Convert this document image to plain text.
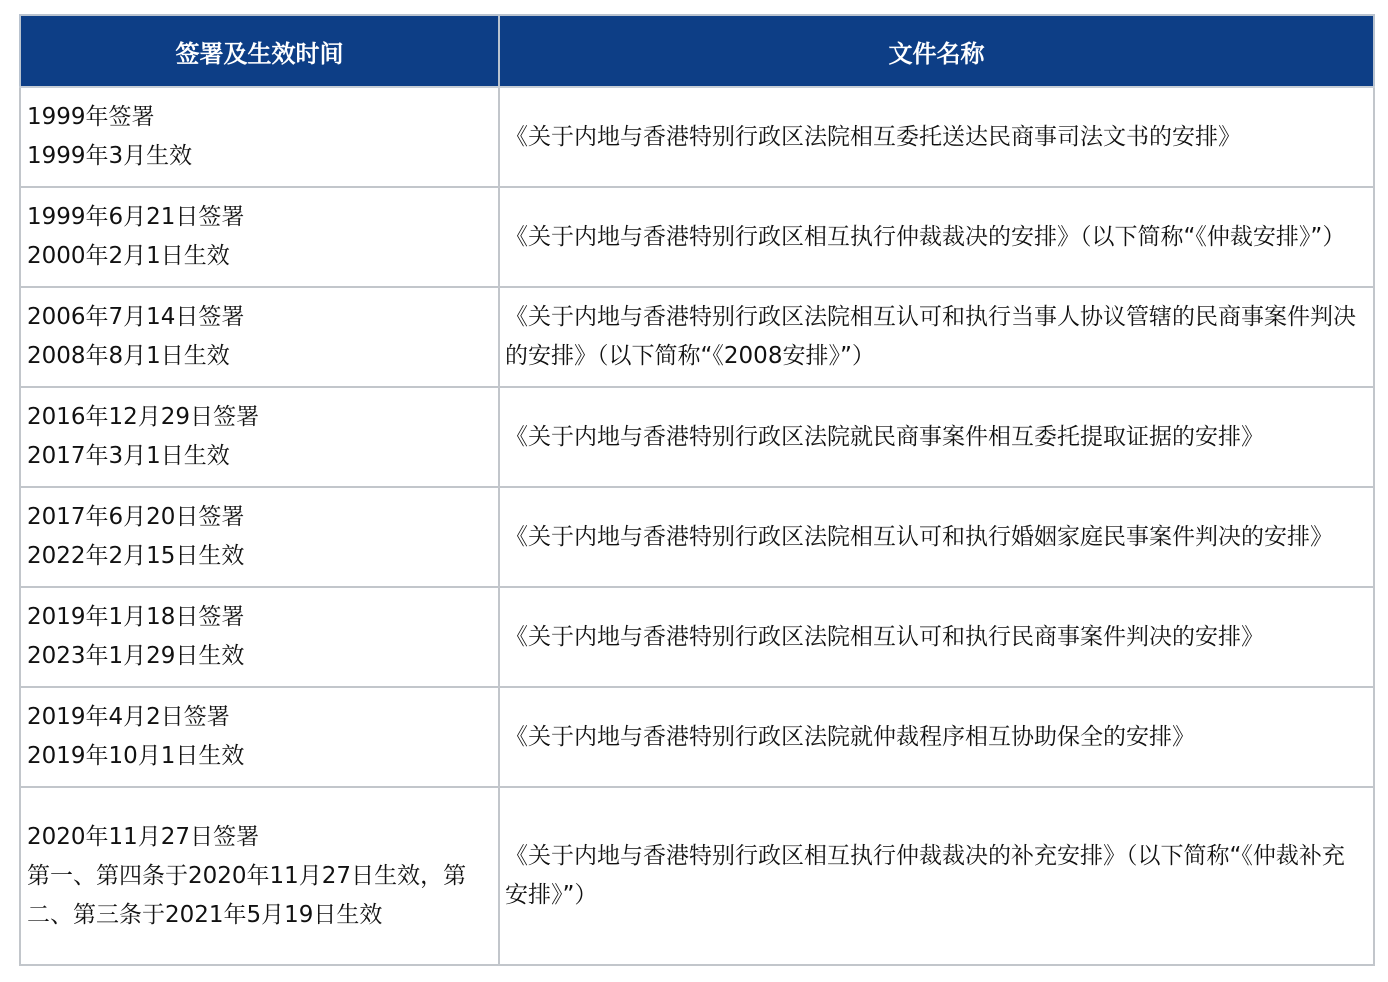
签署及生效时间	文件名称

1999年签署
1999年3月生效	《关于内地与香港特别行政区法院相互委托送达民商事司法文书的安排》

1999年6月21日签署
2000年2月1日生效	《关于内地与香港特别行政区相互执行仲裁裁决的安排》（以下简称“《仲裁安排》”）

2006年7月14日签署
2008年8月1日生效	《关于内地与香港特别行政区法院相互认可和执行当事人协议管辖的民商事案件判决的安排》（以下简称“《2008安排》”）

2016年12月29日签署
2017年3月1日生效	《关于内地与香港特别行政区法院就民商事案件相互委托提取证据的安排》

2017年6月20日签署
2022年2月15日生效	《关于内地与香港特别行政区法院相互认可和执行婚姻家庭民事案件判决的安排》

2019年1月18日签署
2023年1月29日生效	《关于内地与香港特别行政区法院相互认可和执行民商事案件判决的安排》

2019年4月2日签署
2019年10月1日生效	《关于内地与香港特别行政区法院就仲裁程序相互协助保全的安排》

2020年11月27日签署
第一、第四条于2020年11月27日生效，第二、第三条于2021年5月19日生效	《关于内地与香港特别行政区相互执行仲裁裁决的补充安排》（以下简称“《仲裁补充安排》”）
